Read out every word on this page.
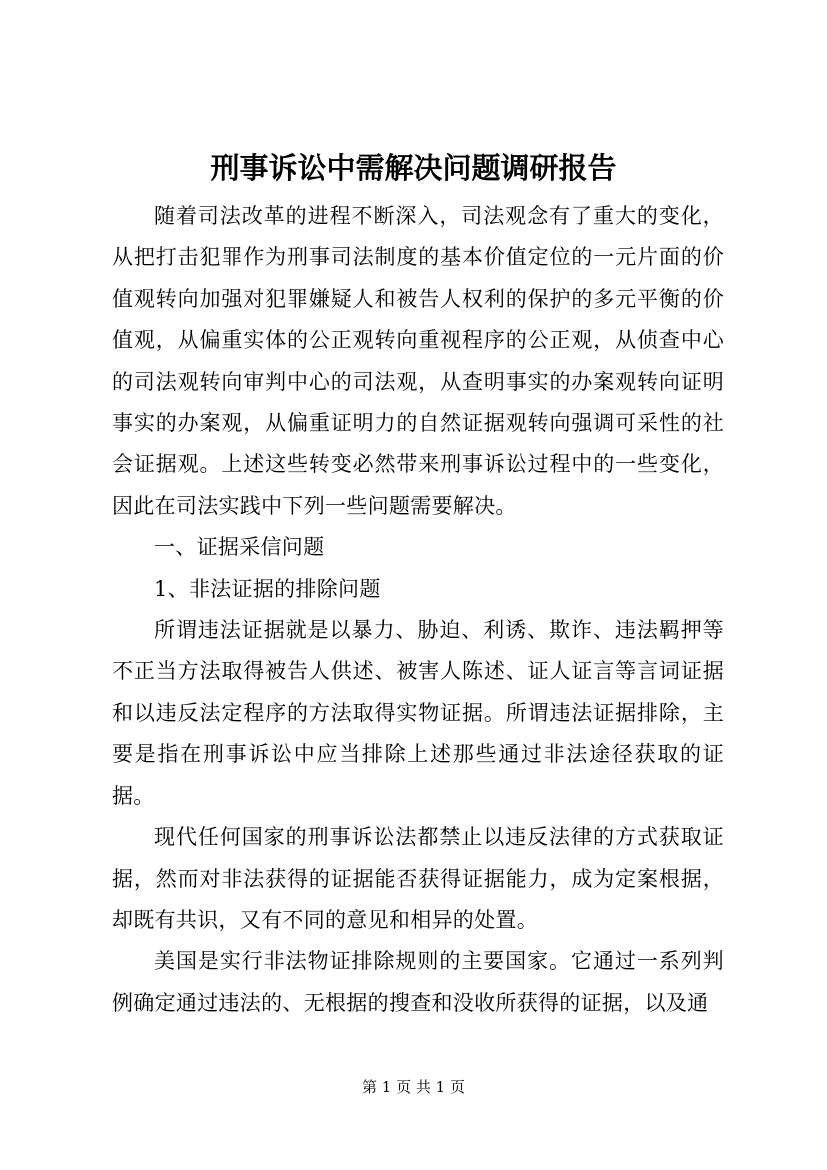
刑事诉讼中需解决问题调研报告

随着司法改革的进程不断深入，司法观念有了重大的变化，从把打击犯罪作为刑事司法制度的基本价值定位的一元片面的价值观转向加强对犯罪嫌疑人和被告人权利的保护的多元平衡的价值观，从偏重实体的公正观转向重视程序的公正观，从侦查中心的司法观转向审判中心的司法观，从查明事实的办案观转向证明事实的办案观，从偏重证明力的自然证据观转向强调可采性的社会证据观。上述这些转变必然带来刑事诉讼过程中的一些变化，因此在司法实践中下列一些问题需要解决。

一、证据采信问题

1、非法证据的排除问题

所谓违法证据就是以暴力、胁迫、利诱、欺诈、违法羁押等不正当方法取得被告人供述、被害人陈述、证人证言等言词证据和以违反法定程序的方法取得实物证据。所谓违法证据排除，主要是指在刑事诉讼中应当排除上述那些通过非法途径获取的证据。

现代任何国家的刑事诉讼法都禁止以违反法律的方式获取证据，然而对非法获得的证据能否获得证据能力，成为定案根据，却既有共识，又有不同的意见和相异的处置。

美国是实行非法物证排除规则的主要国家。它通过一系列判例确定通过违法的、无根据的搜查和没收所获得的证据，以及通

第 1 页 共 1 页
